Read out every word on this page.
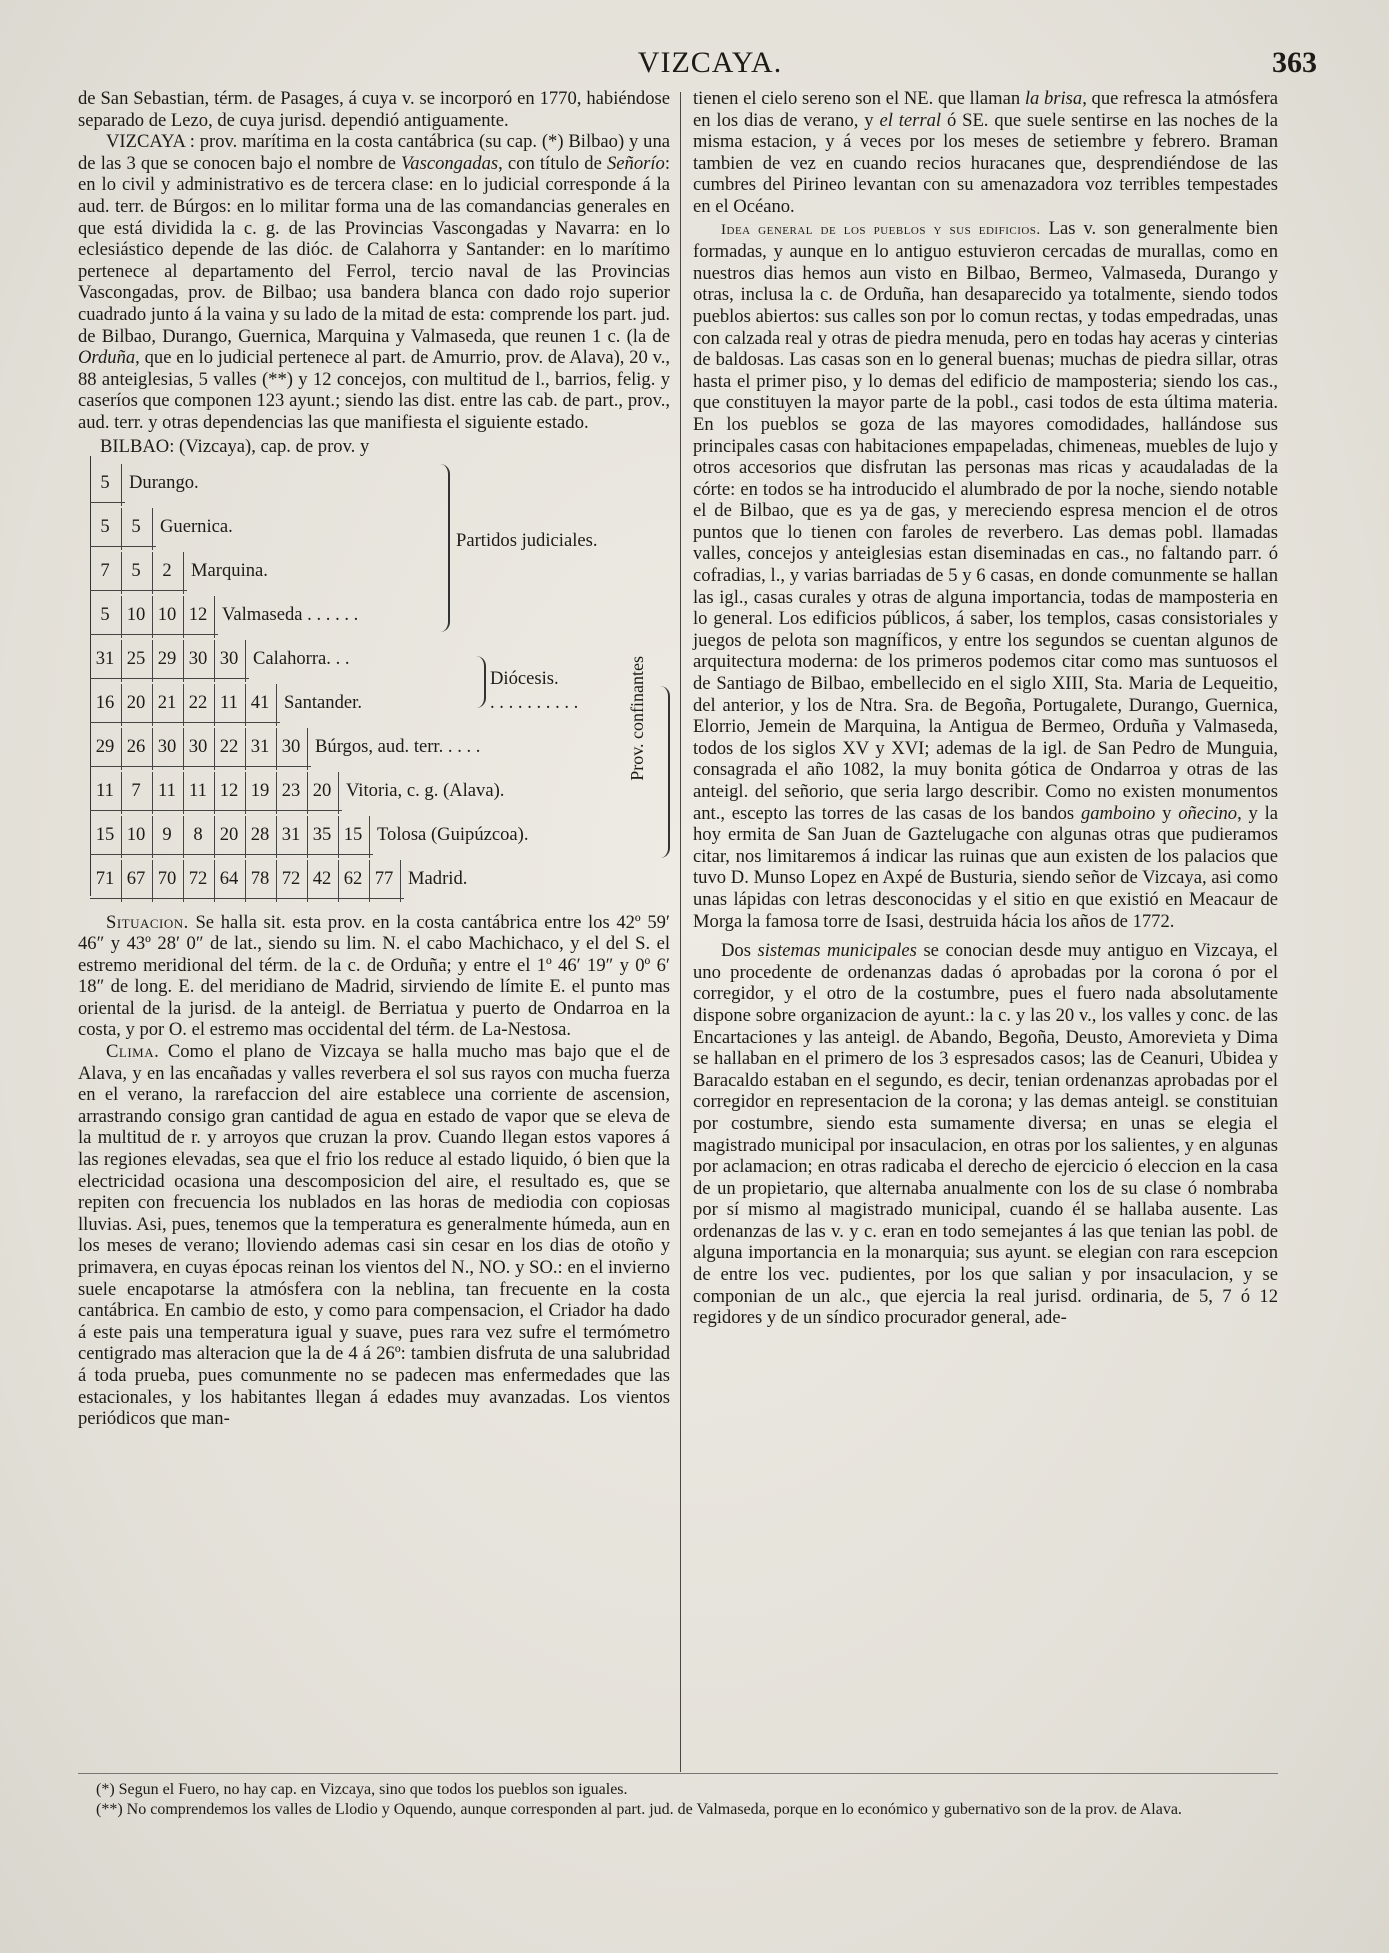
VIZCAYA.	363

de San Sebastian, térm. de Pasages, á cuya v. se incorporó en 1770, habiéndose separado de Lezo, de cuya jurisd. dependió antiguamente.

VIZCAYA : prov. marítima en la costa cantábrica (su cap. (*) Bilbao) y una de las 3 que se conocen bajo el nombre de Vascongadas, con título de Señorío: en lo civil y administrativo es de tercera clase: en lo judicial corresponde á la aud. terr. de Búrgos: en lo militar forma una de las comandancias generales en que está dividida la c. g. de las Provincias Vascongadas y Navarra: en lo eclesiástico depende de las dióc. de Calahorra y Santander: en lo marítimo pertenece al departamento del Ferrol, tercio naval de las Provincias Vascongadas, prov. de Bilbao; usa bandera blanca con dado rojo superior cuadrado junto á la vaina y su lado de la mitad de esta: comprende los part. jud. de Bilbao, Durango, Guernica, Marquina y Valmaseda, que reunen 1 c. (la de Orduña, que en lo judicial pertenece al part. de Amurrio, prov. de Alava), 20 v., 88 anteiglesias, 5 valles (**) y 12 concejos, con multitud de l., barrios, felig. y caseríos que componen 123 ayunt.; siendo las dist. entre las cab. de part., prov., aud. terr. y otras dependencias las que manifiesta el siguiente estado.

BILBAO: (Vizcaya), cap. de prov. y
5	Durango.
5	5	Guernica.
7	5	2	Marquina.
5 10 10 12 Valmaseda . . . . . .
31 25 29 30 30 Calahorra. . .
16 20 21 22 11 41 Santander.
29 26 30 30 22 31 30 Búrgos, aud. terr. . . . .
11 7 11 11 12 19 23 20 Vitoria, c. g. (Alava).
15 10 9	8 20 28 31 35 15 Tolosa (Guipúzcoa).
71 67 70 72 64 78 72 42 62 77 Madrid.
Partidos judiciales.
Diócesis.
. . . . . . . . . .	Prov. confinantes

Situacion. Se halla sit. esta prov. en la costa cantábrica entre los 42º 59′ 46″ y 43º 28′ 0″ de lat., siendo su lim. N. el cabo Machichaco, y el del S. el estremo meridional del térm. de la c. de Orduña; y entre el 1º 46′ 19″ y 0º 6′ 18″ de long. E. del meridiano de Madrid, sirviendo de límite E. el punto mas oriental de la jurisd. de la anteigl. de Berriatua y puerto de Ondarroa en la costa, y por O. el estremo mas occidental del térm. de La-Nestosa.

Clima. Como el plano de Vizcaya se halla mucho mas bajo que el de Alava, y en las encañadas y valles reverbera el sol sus rayos con mucha fuerza en el verano, la rarefaccion del aire establece una corriente de ascension, arrastrando consigo gran cantidad de agua en estado de vapor que se eleva de la multitud de r. y arroyos que cruzan la prov. Cuando llegan estos vapores á las regiones elevadas, sea que el frio los reduce al estado liquido, ó bien que la electricidad ocasiona una descomposicion del aire, el resultado es, que se repiten con frecuencia los nublados en las horas de mediodia con copiosas lluvias. Asi, pues, tenemos que la temperatura es generalmente húmeda, aun en los meses de verano; lloviendo ademas casi sin cesar en los dias de otoño y primavera, en cuyas épocas reinan los vientos del N., NO. y SO.: en el invierno suele encapotarse la atmósfera con la neblina, tan frecuente en la costa cantábrica. En cambio de esto, y como para compensacion, el Criador ha dado á este pais una temperatura igual y suave, pues rara vez sufre el termómetro centigrado mas alteracion que la de 4 á 26º: tambien disfruta de una salubridad á toda prueba, pues comunmente no se padecen mas enfermedades que las estacionales, y los habitantes llegan á edades muy avanzadas. Los vientos periódicos que man-

tienen el cielo sereno son el NE. que llaman la brisa, que refresca la atmósfera en los dias de verano, y el terral ó SE. que suele sentirse en las noches de la misma estacion, y á veces por los meses de setiembre y febrero. Braman tambien de vez en cuando recios huracanes que, desprendiéndose de las cumbres del Pirineo levantan con su amenazadora voz terribles tempestades en el Océano.

Idea general de los pueblos y sus edificios. Las v. son generalmente bien formadas, y aunque en lo antiguo estuvieron cercadas de murallas, como en nuestros dias hemos aun visto en Bilbao, Bermeo, Valmaseda, Durango y otras, inclusa la c. de Orduña, han desaparecido ya totalmente, siendo todos pueblos abiertos: sus calles son por lo comun rectas, y todas empedradas, unas con calzada real y otras de piedra menuda, pero en todas hay aceras y cinterias de baldosas. Las casas son en lo general buenas; muchas de piedra sillar, otras hasta el primer piso, y lo demas del edificio de mamposteria; siendo los cas., que constituyen la mayor parte de la pobl., casi todos de esta última materia. En los pueblos se goza de las mayores comodidades, hallándose sus principales casas con habitaciones empapeladas, chimeneas, muebles de lujo y otros accesorios que disfrutan las personas mas ricas y acaudaladas de la córte: en todos se ha introducido el alumbrado de por la noche, siendo notable el de Bilbao, que es ya de gas, y mereciendo espresa mencion el de otros puntos que lo tienen con faroles de reverbero. Las demas pobl. llamadas valles, concejos y anteiglesias estan diseminadas en cas., no faltando parr. ó cofradias, l., y varias barriadas de 5 y 6 casas, en donde comunmente se hallan las igl., casas curales y otras de alguna importancia, todas de mamposteria en lo general. Los edificios públicos, á saber, los templos, casas consistoriales y juegos de pelota son magníficos, y entre los segundos se cuentan algunos de arquitectura moderna: de los primeros podemos citar como mas suntuosos el de Santiago de Bilbao, embellecido en el siglo XIII, Sta. Maria de Lequeitio, del anterior, y los de Ntra. Sra. de Begoña, Portugalete, Durango, Guernica, Elorrio, Jemein de Marquina, la Antigua de Bermeo, Orduña y Valmaseda, todos de los siglos XV y XVI; ademas de la igl. de San Pedro de Munguia, consagrada el año 1082, la muy bonita gótica de Ondarroa y otras de las anteigl. del señorio, que seria largo describir. Como no existen monumentos ant., escepto las torres de las casas de los bandos gamboino y oñecino, y la hoy ermita de San Juan de Gaztelugache con algunas otras que pudieramos citar, nos limitaremos á indicar las ruinas que aun existen de los palacios que tuvo D. Munso Lopez en Axpé de Busturia, siendo señor de Vizcaya, asi como unas lápidas con letras desconocidas y el sitio en que existió en Meacaur de Morga la famosa torre de Isasi, destruida hácia los años de 1772.

Dos sistemas municipales se conocian desde muy antiguo en Vizcaya, el uno procedente de ordenanzas dadas ó aprobadas por la corona ó por el corregidor, y el otro de la costumbre, pues el fuero nada absolutamente dispone sobre organizacion de ayunt.: la c. y las 20 v., los valles y conc. de las Encartaciones y las anteigl. de Abando, Begoña, Deusto, Amorevieta y Dima se hallaban en el primero de los 3 espresados casos; las de Ceanuri, Ubidea y Baracaldo estaban en el segundo, es decir, tenian ordenanzas aprobadas por el corregidor en representacion de la corona; y las demas anteigl. se constituian por costumbre, siendo esta sumamente diversa; en unas se elegia el magistrado municipal por insaculacion, en otras por los salientes, y en algunas por aclamacion; en otras radicaba el derecho de ejercicio ó eleccion en la casa de un propietario, que alternaba anualmente con los de su clase ó nombraba por sí mismo al magistrado municipal, cuando él se hallaba ausente. Las ordenanzas de las v. y c. eran en todo semejantes á las que tenian las pobl. de alguna importancia en la monarquia; sus ayunt. se elegian con rara escepcion de entre los vec. pudientes, por los que salian y por insaculacion, y se componian de un alc., que ejercia la real jurisd. ordinaria, de 5, 7 ó 12 regidores y de un síndico procurador general, ade-

(*) Segun el Fuero, no hay cap. en Vizcaya, sino que todos los pueblos son iguales.

(**) No comprendemos los valles de Llodio y Oquendo, aunque corresponden al part. jud. de Valmaseda, porque en lo económico y gubernativo son de la prov. de Alava.
